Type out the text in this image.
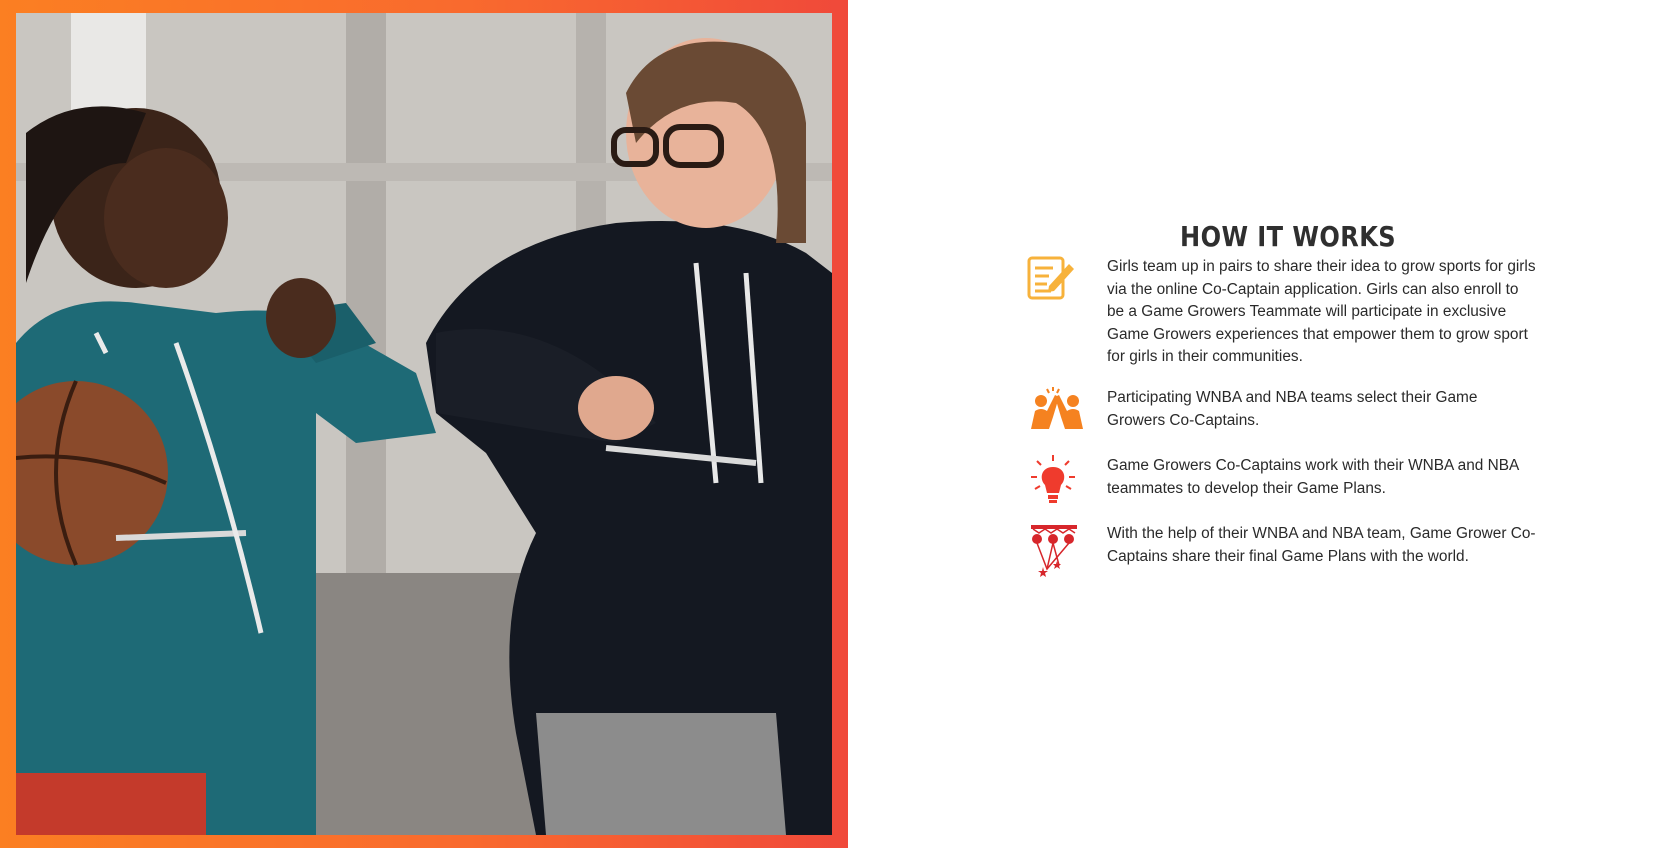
HOW IT WORKS
Girls team up in pairs to share their idea to grow sports for girls via the online Co-Captain application. Girls can also enroll to be a Game Growers Teammate will participate in exclusive Game Growers experiences that empower them to grow sport for girls in their communities.
Participating WNBA and NBA teams select their Game Growers Co-Captains.
Game Growers Co-Captains work with their WNBA and NBA teammates to develop their Game Plans.
With the help of their WNBA and NBA team, Game Grower Co-Captains share their final Game Plans with the world.
